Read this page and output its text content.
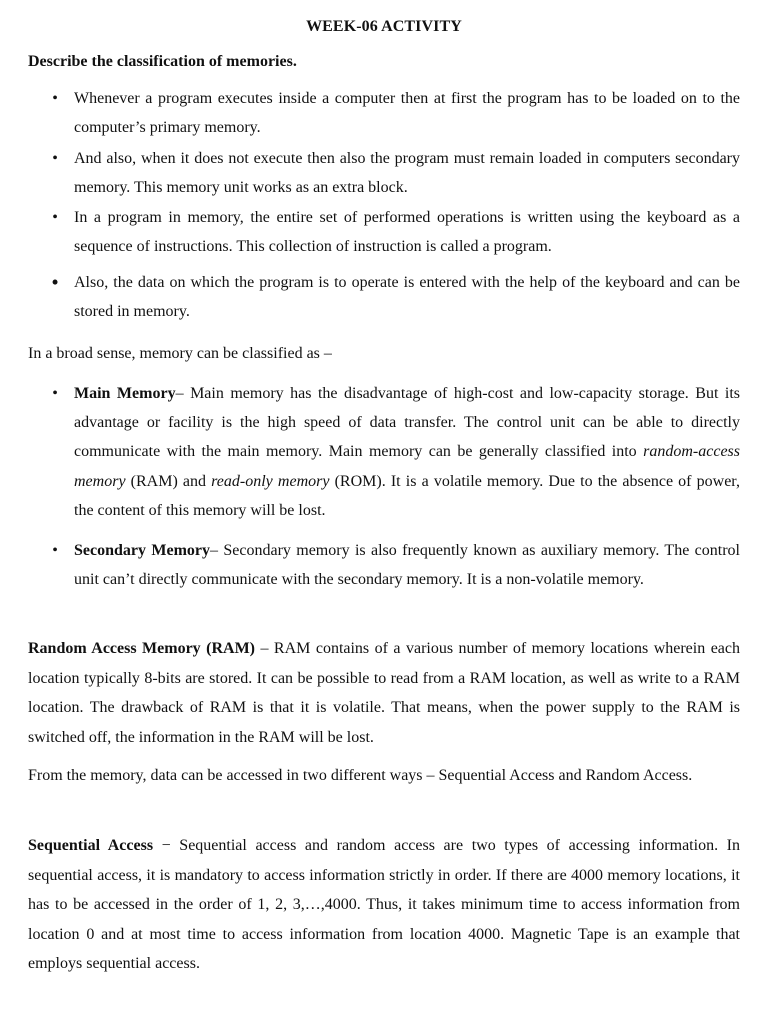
WEEK-06 ACTIVITY
Describe the classification of memories.
• Whenever a program executes inside a computer then at first the program has to be loaded on to the computer’s primary memory.
• And also, when it does not execute then also the program must remain loaded in computers secondary memory. This memory unit works as an extra block.
• In a program in memory, the entire set of performed operations is written using the keyboard as a sequence of instructions. This collection of instruction is called a program.
• Also, the data on which the program is to operate is entered with the help of the keyboard and can be stored in memory.
In a broad sense, memory can be classified as –
• Main Memory– Main memory has the disadvantage of high-cost and low-capacity storage. But its advantage or facility is the high speed of data transfer. The control unit can be able to directly communicate with the main memory. Main memory can be generally classified into random-access memory (RAM) and read-only memory (ROM). It is a volatile memory. Due to the absence of power, the content of this memory will be lost.
• Secondary Memory– Secondary memory is also frequently known as auxiliary memory. The control unit can’t directly communicate with the secondary memory. It is a non-volatile memory.
Random Access Memory (RAM) – RAM contains of a various number of memory locations wherein each location typically 8-bits are stored. It can be possible to read from a RAM location, as well as write to a RAM location. The drawback of RAM is that it is volatile. That means, when the power supply to the RAM is switched off, the information in the RAM will be lost.
From the memory, data can be accessed in two different ways – Sequential Access and Random Access.
Sequential Access − Sequential access and random access are two types of accessing information. In sequential access, it is mandatory to access information strictly in order. If there are 4000 memory locations, it has to be accessed in the order of 1, 2, 3,…,4000. Thus, it takes minimum time to access information from location 0 and at most time to access information from location 4000. Magnetic Tape is an example that employs sequential access.
